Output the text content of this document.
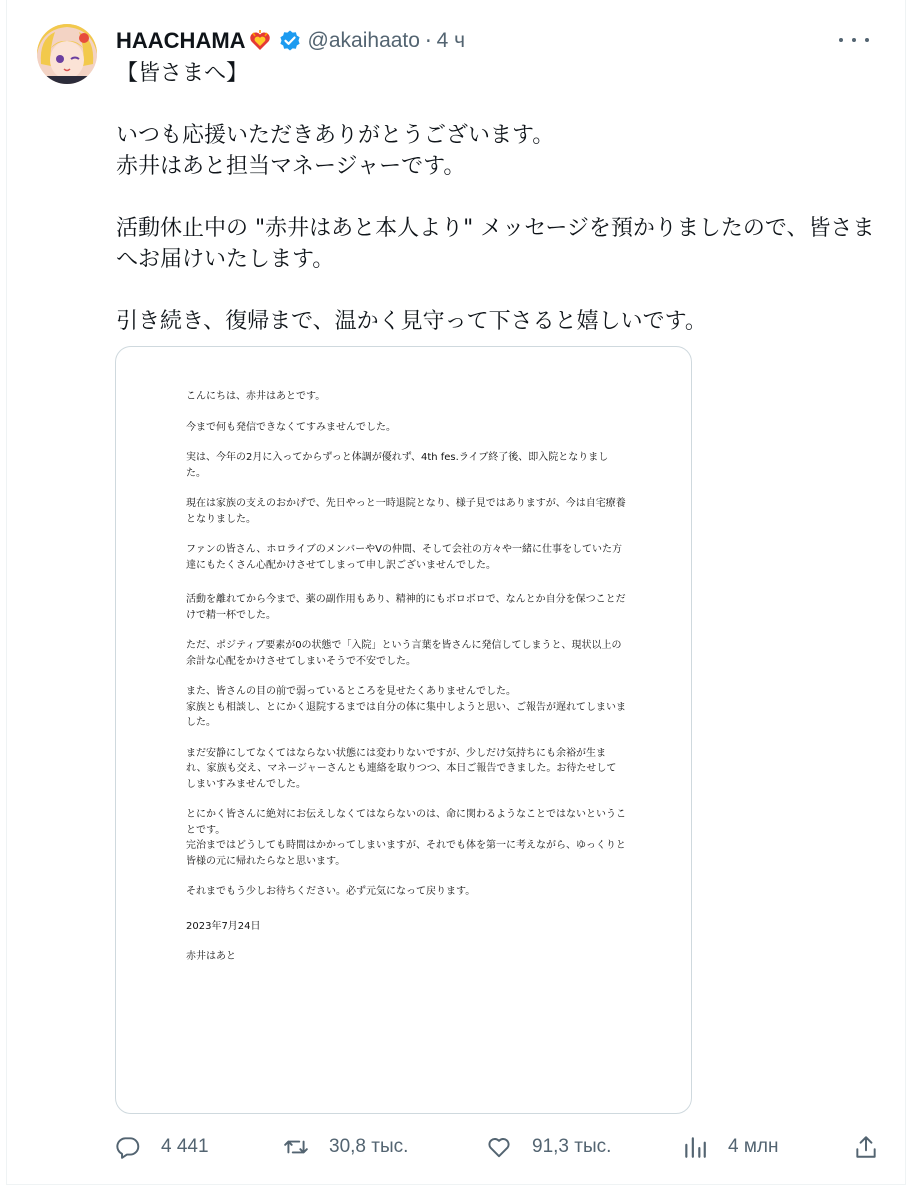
HAACHAMA	@akaihaato · 4 ч

【皆さまへ】

いつも応援いただきありがとうございます。

赤井はあと担当マネージャーです。

活動休止中の "赤井はあと本人より" メッセージを預かりましたので、皆さま

へお届けいたします。

引き続き、復帰まで、温かく見守って下さると嬉しいです。

こんにちは、赤井はあとです。

今まで何も発信できなくてすみませんでした。

実は、今年の2月に入ってからずっと体調が優れず、4th fes.ライブ終了後、即入院となりました。

現在は家族の支えのおかげで、先日やっと一時退院となり、様子見ではありますが、今は自宅療養となりました。

ファンの皆さん、ホロライブのメンバーやVの仲間、そして会社の方々や一緒に仕事をしていた方達にもたくさん心配かけさせてしまって申し訳ございませんでした。

活動を離れてから今まで、薬の副作用もあり、精神的にもボロボロで、なんとか自分を保つことだけで精一杯でした。

ただ、ポジティブ要素が0の状態で「入院」という言葉を皆さんに発信してしまうと、現状以上の余計な心配をかけさせてしまいそうで不安でした。

また、皆さんの目の前で弱っているところを見せたくありませんでした。
家族とも相談し、とにかく退院するまでは自分の体に集中しようと思い、ご報告が遅れてしまいました。

まだ安静にしてなくてはならない状態には変わりないですが、少しだけ気持ちにも余裕が生まれ、家族も交え、マネージャーさんとも連絡を取りつつ、本日ご報告できました。お待たせしてしまいすみませんでした。

とにかく皆さんに絶対にお伝えしなくてはならないのは、命に関わるようなことではないということです。
完治まではどうしても時間はかかってしまいますが、それでも体を第一に考えながら、ゆっくりと皆様の元に帰れたらなと思います。

それまでもう少しお待ちください。必ず元気になって戻ります。

2023年7月24日

赤井はあと

4 441	30,8 тыс.	91,3 тыс.	4 млн
